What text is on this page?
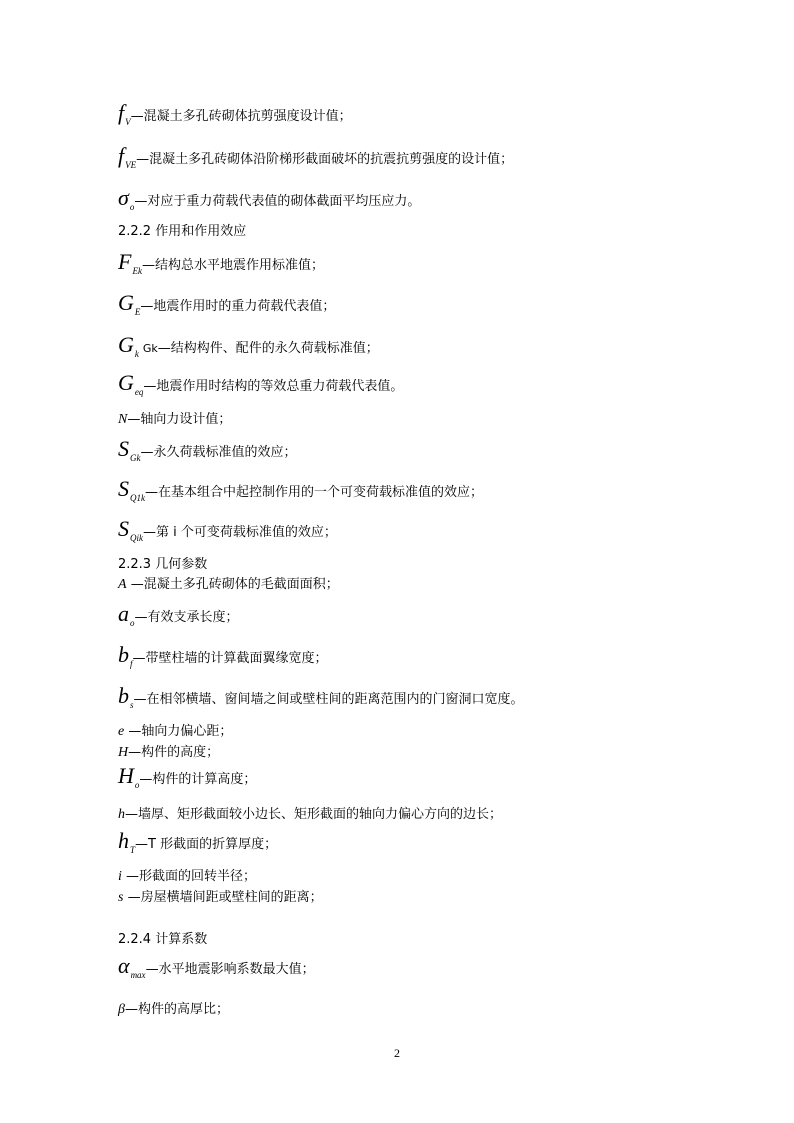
$f_V—$混凝土多孔砖砌体抗剪强度设计值；
$f_{VE}—$混凝土多孔砖砌体沿阶梯形截面破坏的抗震抗剪强度的设计值；
$\sigma_o—$对应于重力荷载代表值的砌体截面平均压应力。
2.2.2 作用和作用效应
$F_{Ek}—$结构总水平地震作用标准值；
$G_E—$地震作用时的重力荷载代表值；
$G_k$ Gk—结构构件、配件的永久荷载标准值；
$G_{eq}—$地震作用时结构的等效总重力荷载代表值。
N—轴向力设计值；
$S_{Gk}—$永久荷载标准值的效应；
$S_{Q1k}—$在基本组合中起控制作用的一个可变荷载标准值的效应；
$S_{Qik}—$第 i 个可变荷载标准值的效应；
2.2.3 几何参数
A —混凝土多孔砖砌体的毛截面面积；
$a_o—$有效支承长度；
$b_f—$带壁柱墙的计算截面翼缘宽度；
$b_s—$在相邻横墙、窗间墙之间或壁柱间的距离范围内的门窗洞口宽度。
e —轴向力偏心距；
H—构件的高度；
$H_o—$构件的计算高度；
h—墙厚、矩形截面较小边长、矩形截面的轴向力偏心方向的边长；
$h_T—T$ 形截面的折算厚度；
i —形截面的回转半径；
s —房屋横墙间距或壁柱间的距离；
2.2.4 计算系数
$\alpha_{max}—$水平地震影响系数最大值；
β—构件的高厚比；
2
